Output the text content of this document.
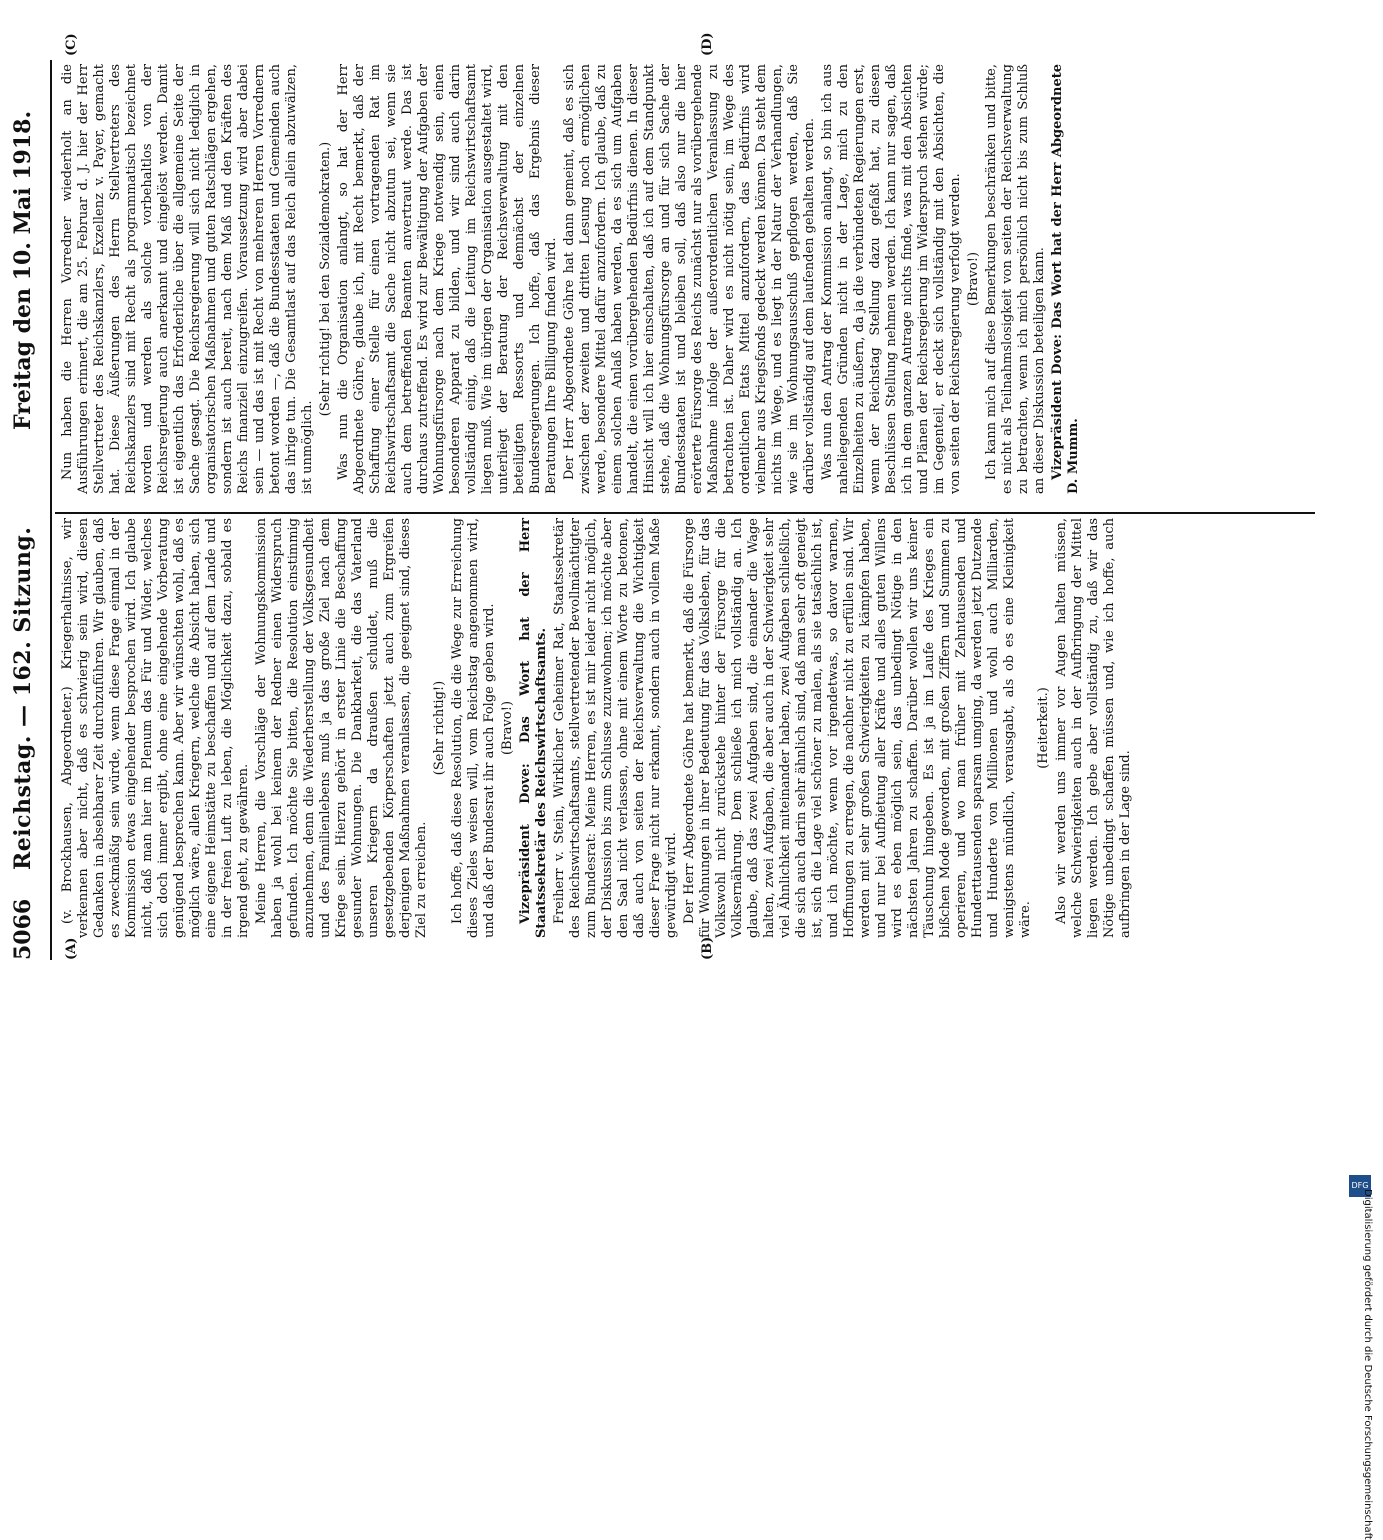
5066
Reichstag. — 162. Sitzung.
Freitag den 10. Mai 1918.
(A)	(B)
(C)	(D)

(v. Brockhausen, Abgeordneter.) Kriegerhaltnisse, wir verkennen aber nicht, daß es schwierig sein wird, diesen Gedanken in absehbarer Zeit durchzuführen. Wir glauben, daß es zweckmäßig sein würde, wenn diese Frage einmal in der Kommission etwas eingehender besprochen wird. Ich glaube nicht, daß man hier im Plenum das Für und Wider, welches sich doch immer ergibt, ohne eine eingehende Vorberatung genügend besprechen kann. Aber wir wünschten wohl, daß es möglich wäre, allen Kriegern, welche die Absicht haben, sich eine eigene Heimstätte zu beschaffen und auf dem Lande und in der freien Luft zu leben, die Möglichkeit dazu, sobald es irgend geht, zu gewähren. Meine Herren, die Vorschläge der Wohnungskommission haben ja wohl bei keinem der Redner einen Widerspruch gefunden. Ich möchte Sie bitten, die Resolution einstimmig anzunehmen, denn die Wiederherstellung der Volksgesundheit und des Familienlebens muß ja das große Ziel nach dem Kriege sein. Hierzu gehört in erster Linie die Beschaffung gesunder Wohnungen. Die Dankbarkeit, die das Vaterland unseren Kriegern da draußen schuldet, muß die gesetzgebenden Körperschaften jetzt auch zum Ergreifen derjenigen Maßnahmen veranlassen, die geeignet sind, dieses Ziel zu erreichen.

(Sehr richtig!) Ich hoffe, daß diese Resolution, die die Wege zur Erreichung dieses Zieles weisen will, vom Reichstag angenommen wird, und daß der Bundesrat ihr auch Folge geben wird. (Bravo!) Vizepräsident Dove: Das Wort hat der Herr Staatssekretär des Reichswirtschaftsamts. Freiherr v. Stein, Wirklicher Geheimer Rat, Staatssekretär des Reichswirtschaftsamts, stellvertretender Bevollmächtigter zum Bundesrat: Meine Herren, es ist mir leider nicht möglich, der Diskussion bis zum Schlusse zuzuwohnen; ich möchte aber den Saal nicht verlassen, ohne mit einem Worte zu betonen, daß auch von seiten der Reichsverwaltung die Wichtigkeit dieser Frage nicht nur erkannt, sondern auch in vollem Maße gewürdigt wird. Der Herr Abgeordnete Göhre hat bemerkt, daß die Fürsorge für Wohnungen in ihrer Bedeutung für das Volksleben, für das Volkswohl nicht zurückstehe hinter der Fürsorge für die Volksernährung. Dem schließe ich mich vollständig an. Ich glaube, daß das zwei Aufgaben sind, die einander die Wage halten, zwei Aufgaben, die aber auch in der Schwierigkeit sehr viel Ähnlichkeit miteinander haben, zwei Aufgaben schließlich, die sich auch darin sehr ähnlich sind, daß man sehr oft geneigt ist, sich die Lage viel schöner zu malen, als sie tatsächlich ist, und ich möchte, wenn vor irgendetwas, so davor warnen, Hoffnungen zu erregen, die nachher nicht zu erfüllen sind. Wir werden mit sehr großen Schwierigkeiten zu kämpfen haben, und nur bei Aufbietung aller Kräfte und alles guten Willens wird es eben möglich sein, das unbedingt Nötige in den nächsten Jahren zu schaffen. Darüber wollen wir uns keiner Täuschung hingeben. Es ist ja im Laufe des Krieges ein bißchen Mode geworden, mit großen Ziffern und Summen zu operieren, und wo man früher mit Zehntausenden und Hunderttausenden sparsam umging, da werden jetzt Dutzende und Hunderte von Millionen und wohl auch Milliarden, wenigstens mündlich, verausgabt, als ob es eine Kleinigkeit wäre.

(Heiterkeit.) Also wir werden uns immer vor Augen halten müssen, welche Schwierigkeiten auch in der Aufbringung der Mittel liegen werden. Ich gebe aber vollständig zu, daß wir das Nötige unbedingt schaffen müssen und, wie ich hoffe, auch aufbringen in der Lage sind.

Nun haben die Herren Vorredner wiederholt an die Ausführungen erinnert, die am 25. Februar d. J. hier der Herr Stellvertreter des Reichskanzlers, Exzellenz v. Payer, gemacht hat. Diese Äußerungen des Herrn Stellvertreters des Reichskanzlers sind mit Recht als programmatisch bezeichnet worden und werden als solche vorbehaltlos von der Reichsregierung auch anerkannt und eingelöst werden. Damit ist eigentlich das Erforderliche über die allgemeine Seite der Sache gesagt. Die Reichsregierung will sich nicht lediglich in organisatorischen Maßnahmen und guten Ratschlägen ergehen, sondern ist auch bereit, nach dem Maß und den Kräften des Reichs finanziell einzugreifen. Voraussetzung wird aber dabei sein — und das ist mit Recht von mehreren Herren Vorrednern betont worden —, daß die Bundesstaaten und Gemeinden auch das ihrige tun. Die Gesamtlast auf das Reich allein abzuwälzen, ist unmöglich.

(Sehr richtig! bei den Sozialdemokraten.) Was nun die Organisation anlangt, so hat der Herr Abgeordnete Göhre, glaube ich, mit Recht bemerkt, daß der Schaffung einer Stelle für einen vortragenden Rat im Reichswirtschaftsamt die Sache nicht abzutun sei, wenn sie auch dem betreffenden Beamten anvertraut werde. Das ist durchaus zutreffend. Es wird zur Bewältigung der Aufgaben der Wohnungsfürsorge nach dem Kriege notwendig sein, einen besonderen Apparat zu bilden, und wir sind auch darin vollständig einig, daß die Leitung im Reichswirtschaftsamt liegen muß. Wie im übrigen der Organisation ausgestaltet wird, unterliegt der Beratung der Reichsverwaltung mit den beteiligten Ressorts und demnächst der einzelnen Bundesregierungen. Ich hoffe, daß das Ergebnis dieser Beratungen Ihre Billigung finden wird. Der Herr Abgeordnete Göhre hat dann gemeint, daß es sich zwischen der zweiten und dritten Lesung noch ermöglichen werde, besondere Mittel dafür anzufordern. Ich glaube, daß zu einem solchen Anlaß haben werden, da es sich um Aufgaben handelt, die einen vorübergehenden Bedürfnis dienen. In dieser Hinsicht will ich hier einschalten, daß ich auf dem Standpunkt stehe, daß die Wohnungsfürsorge an und für sich Sache der Bundesstaaten ist und bleiben soll, daß also nur die hier erörterte Fürsorge des Reichs zunächst nur als vorübergehende Maßnahme infolge der außerordentlichen Veranlassung zu betrachten ist. Daher wird es nicht nötig sein, im Wege des ordentlichen Etats Mittel anzufordern, das Bedürfnis wird vielmehr aus Kriegsfonds gedeckt werden können. Da steht dem nichts im Wege, und es liegt in der Natur der Verhandlungen, wie sie im Wohnungsausschuß gepflogen werden, daß Sie darüber vollständig auf dem laufenden gehalten werden. Was nun den Antrag der Kommission anlangt, so bin ich aus naheliegenden Gründen nicht in der Lage, mich zu den Einzelheiten zu äußern, da ja die verbündeten Regierungen erst, wenn der Reichstag Stellung dazu gefaßt hat, zu diesen Beschlüssen Stellung nehmen werden. Ich kann nur sagen, daß ich in dem ganzen Antrage nichts finde, was mit den Absichten und Plänen der Reichsregierung im Widerspruch stehen würde; im Gegenteil, er deckt sich vollständig mit den Absichten, die von seiten der Reichsregierung verfolgt werden. (Bravo!) Ich kann mich auf diese Bemerkungen beschränken und bitte, es nicht als Teilnahmslosigkeit von seiten der Reichsverwaltung zu betrachten, wenn ich mich persönlich nicht bis zum Schluß an dieser Diskussion beteiligen kann. Vizepräsident Dove: Das Wort hat der Herr Abgeordnete D. Mumm.

DFG
Digitalisierung gefördert durch die Deutsche Forschungsgemeinschaft
